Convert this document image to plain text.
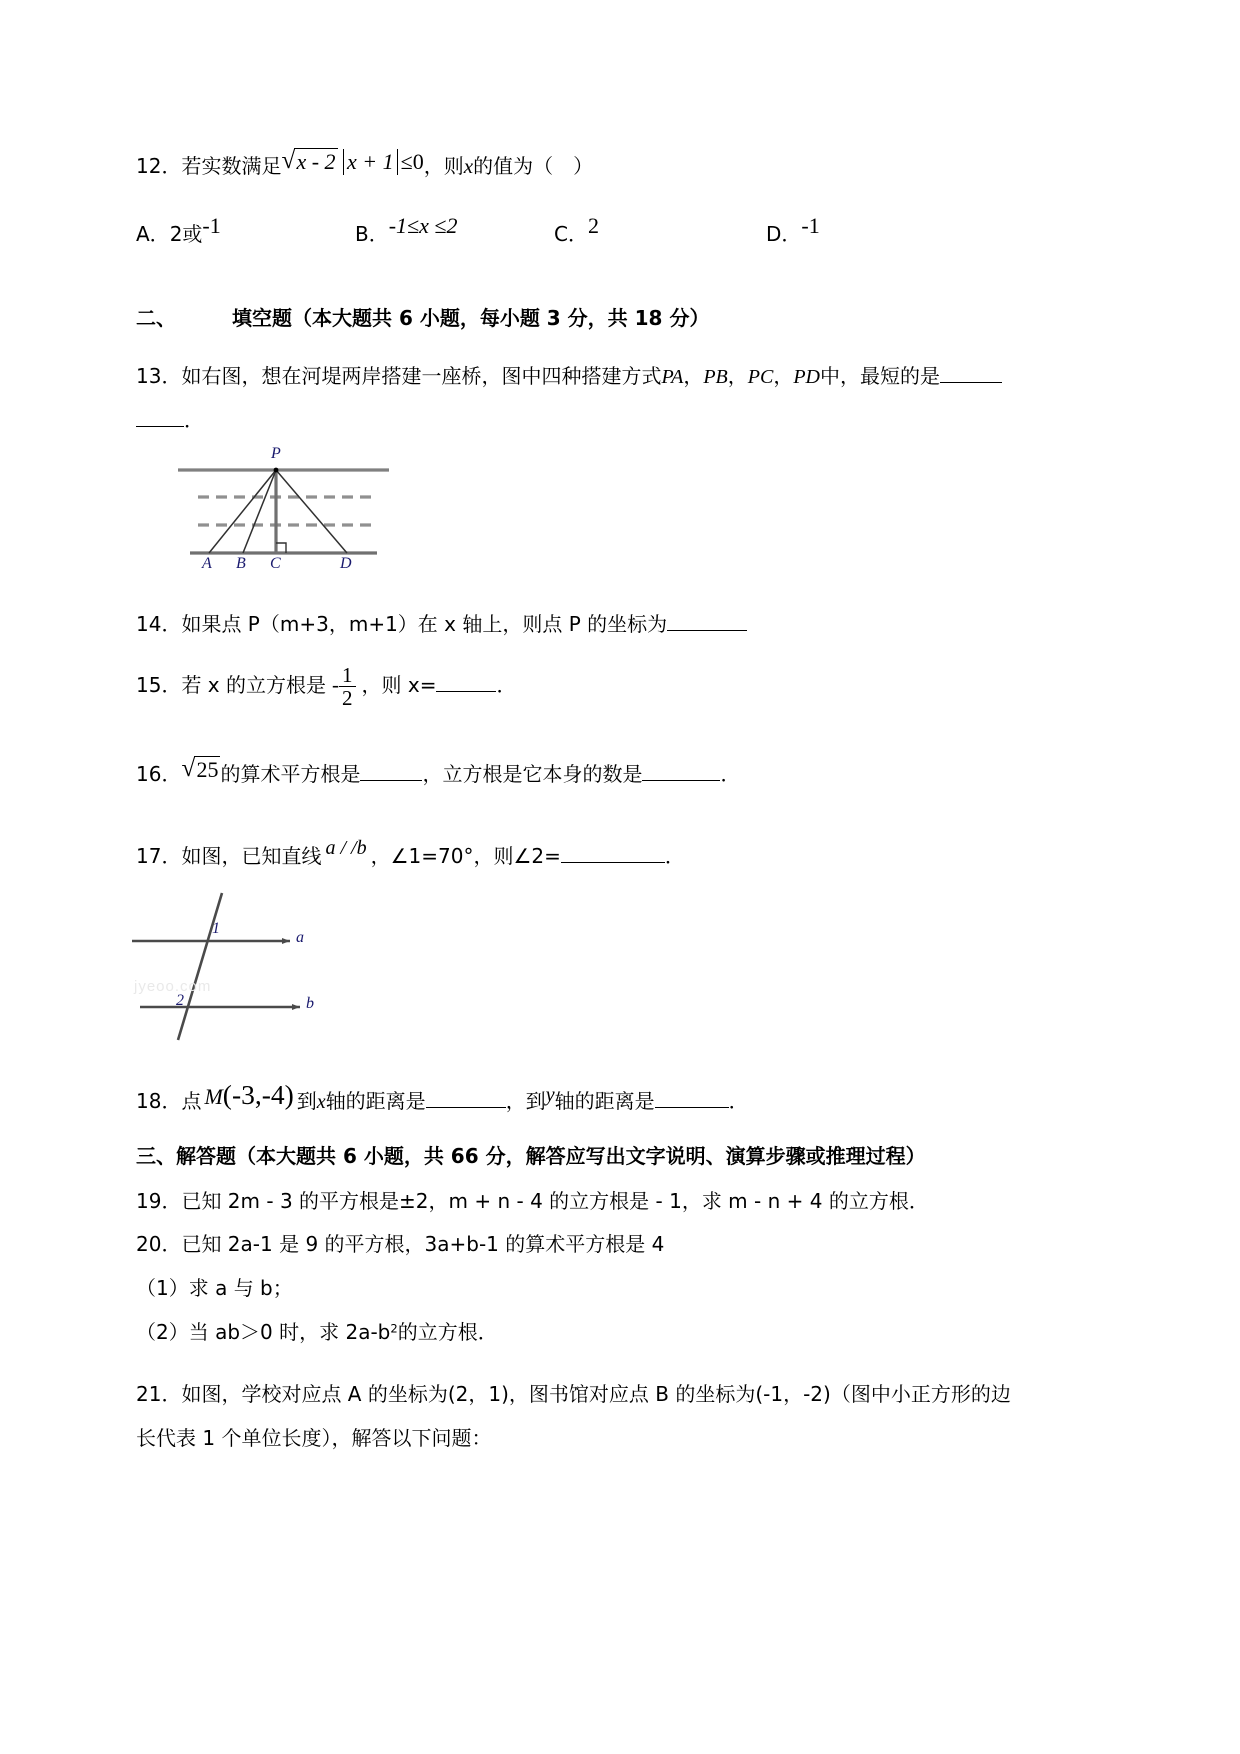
12．若实数满足 √ x - 2 x + 1 ≤0，则x的值为（　）
A．2或-1	B．-1≤x ≤2	C．2	D．-1
二、	填空题（本大题共 6 小题，每小题 3 分，共 18 分）
13．如右图，想在河堤两岸搭建一座桥，图中四种搭建方式PA，PB，PC，PD中，最短的是
．
P
A B C	D
14．如果点 P（m+3，m+1）在 x 轴上，则点 P 的坐标为
15．若 x 的立方根是 - $\frac{1}{2}$ ，则 x=	．
16． √ 25 的算术平方根是	，立方根是它本身的数是	．
17．如图，已知直线 a / /b ，∠1=70°，则∠2=	．
1
2
a
b
jyeoo.com
18．点 M(-3,-4) 到x轴的距离是	，到y轴的距离是	．
三、解答题（本大题共 6 小题，共 66 分，解答应写出文字说明、演算步骤或推理过程）
19．已知 2m - 3 的平方根是±2，m + n - 4 的立方根是 - 1，求 m - n + 4 的立方根．
20．已知 2a-1 是 9 的平方根，3a+b-1 的算术平方根是 4
（1）求 a 与 b；
（2）当 ab＞0 时，求 $2a-b^2$的立方根．
21．如图，学校对应点 A 的坐标为(2，1)，图书馆对应点 B 的坐标为(-1，-2)（图中小正方形的边
长代表 1 个单位长度），解答以下问题：
